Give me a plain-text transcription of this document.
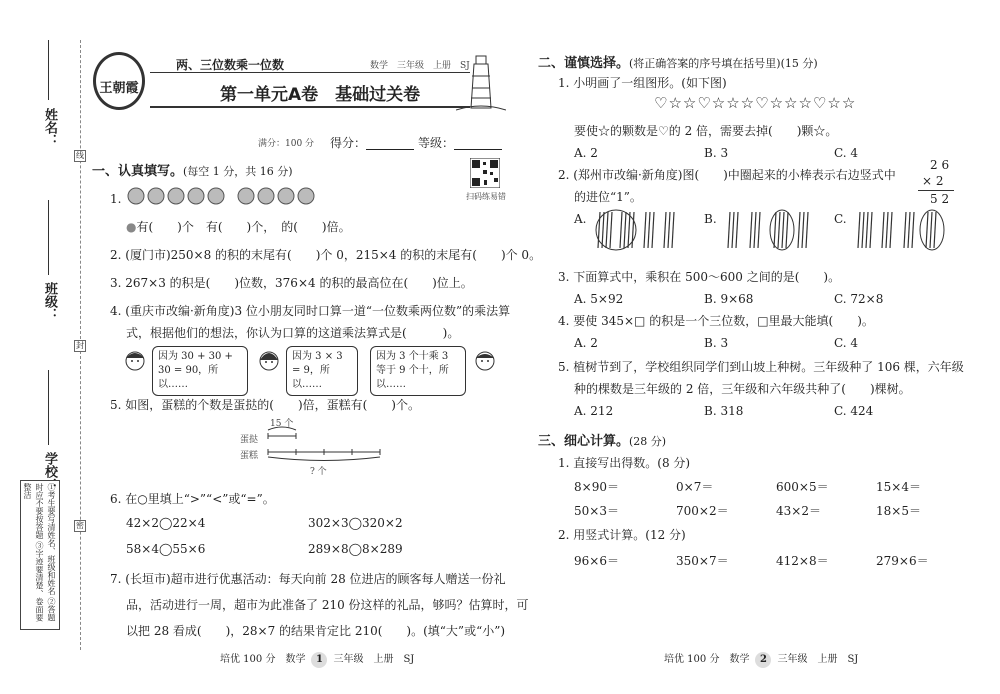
姓名：
班级：
学校：
线
封
密
①考生要写清姓名、班级和姓名 ②答题时应不要按答题 ③字迹要清楚、卷面要整洁
王朝霞
两、三位数乘一位数	数学　三年级　上册　SJ
第一单元A卷　基础过关卷
满分：100 分 得分：	等级：
扫码练易错
一、认真填写。(每空 1 分，共 16 分)
1.
●有(　　)个　有(　　)个，　的(　　)倍。
2. (厦门市)250×8 的积的末尾有(　　)个 0，215×4 的积的末尾有(　　)个 0。
3. 267×3 的积是(　　)位数，376×4 的积的最高位在(　　)位上。
4. (重庆市改编·新角度)3 位小朋友同时口算一道“一位数乘两位数”的乘法算
式，根据他们的想法，你认为口算的这道乘法算式是(　　　)。
因为 30 + 30 + 30 = 90，所以……
因为 3 × 3 = 9，所以……
因为 3 个十乘 3 等于 9 个十，所以……
5. 如图，蛋糕的个数是蛋挞的(　　)倍，蛋糕有(　　)个。
15 个
蛋挞
蛋糕
? 个
6. 在○里填上“>”“<”或“=”。
42×2◯22×4	302×3◯320×2
58×4◯55×6	289×8◯8×289
7. (长垣市)超市进行优惠活动：每天向前 28 位进店的顾客每人赠送一份礼
品，活动进行一周，超市为此准备了 210 份这样的礼品，够吗？估算时，可
以把 28 看成(　　)，28×7 的结果肯定比 210(　　)。(填“大”或“小”)
培优 100 分　数学 1 三年级　上册　SJ
二、谨慎选择。(将正确答案的序号填在括号里)(15 分)
1. 小明画了一组图形。(如下图)
♡☆☆♡☆☆☆♡☆☆☆♡☆☆
要使☆的颗数是♡的 2 倍，需要去掉(　　)颗☆。
A. 2	B. 3	C. 4
2. (郑州市改编·新角度)图(　　)中圈起来的小棒表示右边竖式中
的进位“1”。
2 6
× 2
5 2
A.	B.	C.
3. 下面算式中，乘积在 500～600 之间的是(　　)。
A. 5×92	B. 9×68	C. 72×8
4. 要使 345×□ 的积是一个三位数，□里最大能填(　　)。
A. 2	B. 3	C. 4
5. 植树节到了，学校组织同学们到山坡上种树。三年级种了 106 棵，六年级
种的棵数是三年级的 2 倍，三年级和六年级共种了(　　)棵树。
A. 212	B. 318	C. 424
三、细心计算。(28 分)
1. 直接写出得数。(8 分)
8×90＝	0×7＝	600×5＝	15×4＝
50×3＝	700×2＝	43×2＝	18×5＝
2. 用竖式计算。(12 分)
96×6＝	350×7＝	412×8＝	279×6＝
培优 100 分　数学 2 三年级　上册　SJ
